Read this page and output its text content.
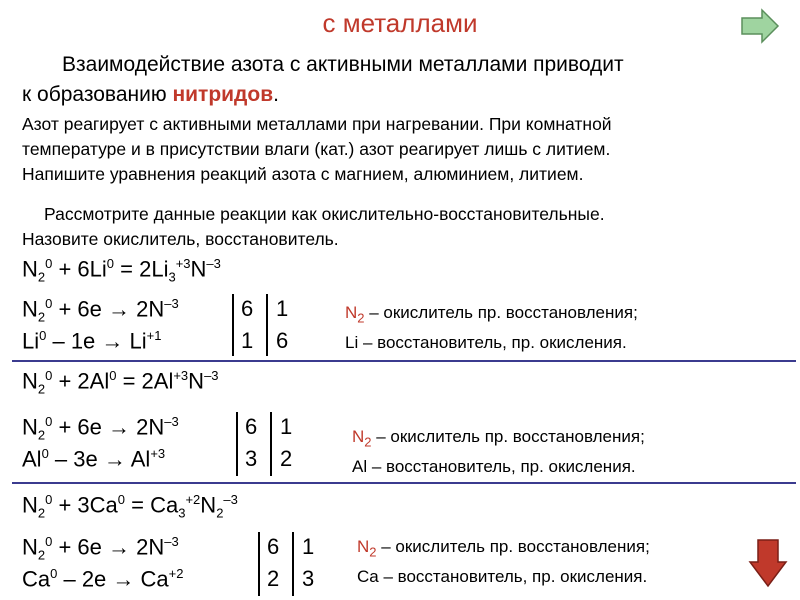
с металлами
Взаимодействие азота с активными металлами приводит
к образованию нитридов.
Азот реагирует с активными металлами при нагревании. При комнатной
температуре и в присутствии влаги (кат.) азот реагирует лишь с литием.
Напишите уравнения реакций азота с магнием, алюминием, литием.
Рассмотрите данные реакции как окислительно-восстановительные.
Назовите окислитель, восстановитель.
$N_2^0 + 6Li^0 = 2Li_3^{+3}N^{-3}$
$N_2^0 + 6e \to 2N^{-3}$
$Li^0 - 1e \to Li^{+1}$
6 1
1 6
$N_2$ – окислитель пр. восстановления;
Li – восстановитель, пр. окисления.
$N_2^0 + 2Al^0 = 2Al^{+3}N^{-3}$
$N_2^0 + 6e \to 2N^{-3}$
$Al^0 - 3e \to Al^{+3}$
6 1
3 2
$N_2$ – окислитель пр. восстановления;
Al – восстановитель, пр. окисления.
$N_2^0 + 3Ca^0 = Ca_3^{+2}N_2^{-3}$
$N_2^0 + 6e \to 2N^{-3}$
$Ca^0 - 2e \to Ca^{+2}$
6 1
2 3
$N_2$ – окислитель пр. восстановления;
Ca – восстановитель, пр. окисления.
